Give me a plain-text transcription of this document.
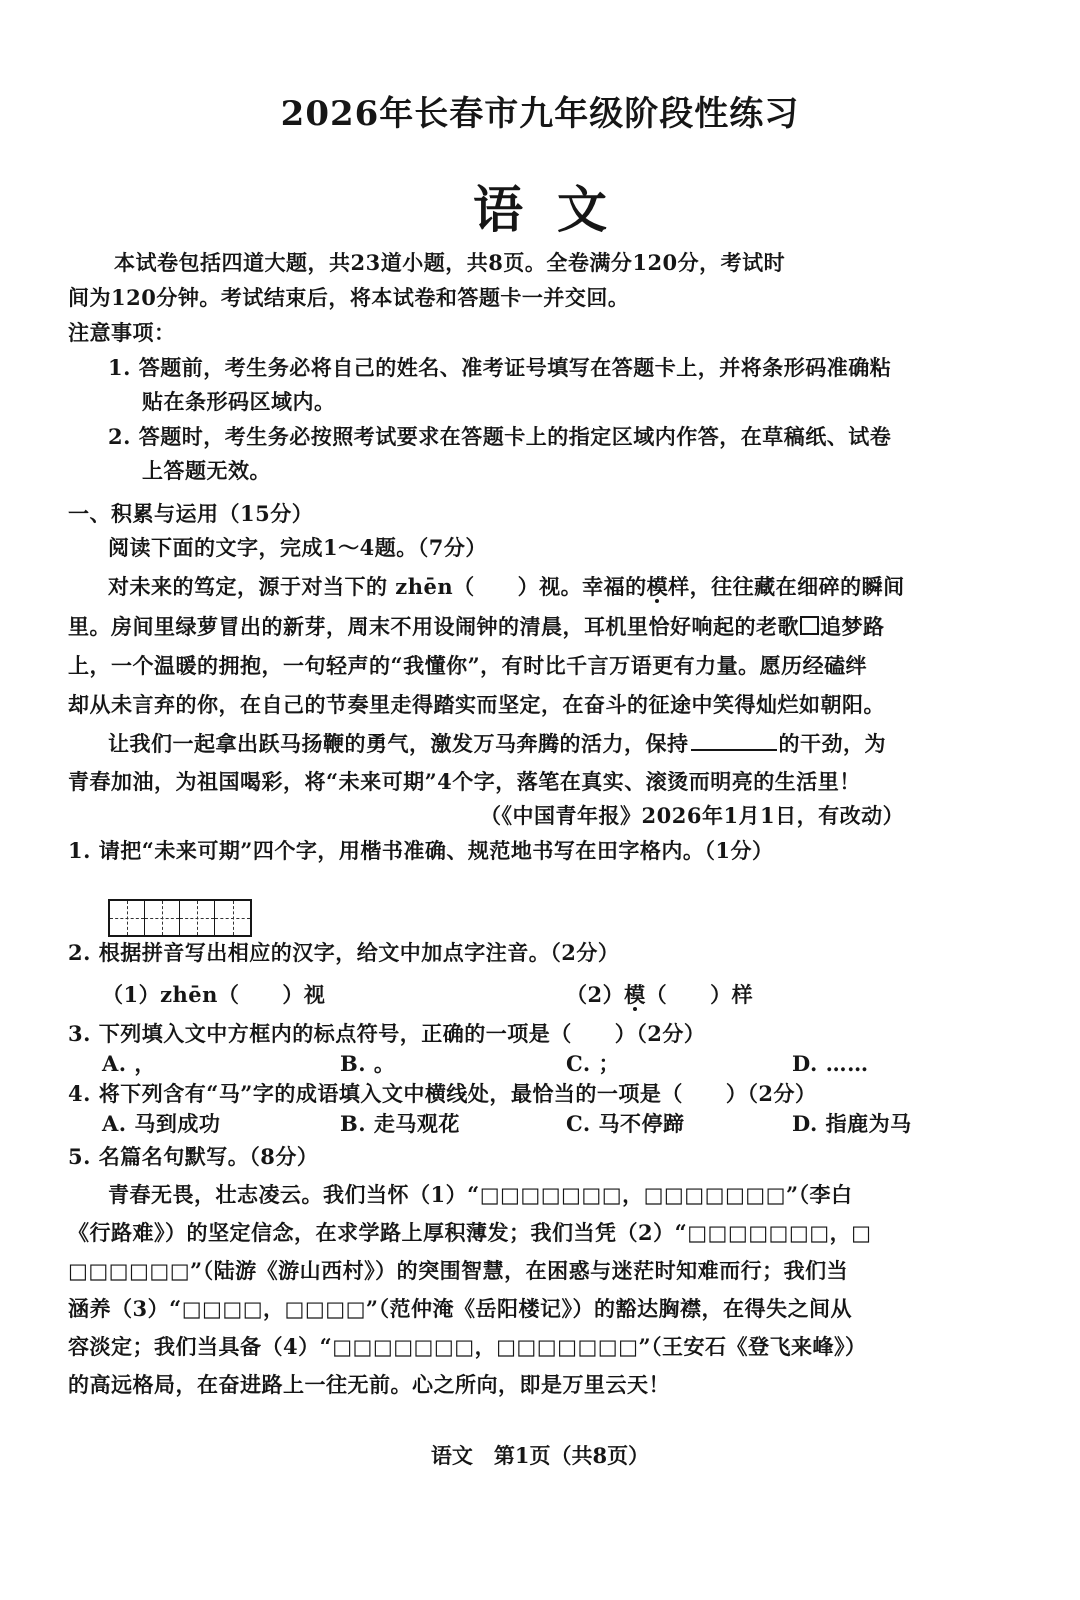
2026年长春市九年级阶段性练习
语文
本试卷包括四道大题，共23道小题，共8页。全卷满分120分，考试时
间为120分钟。考试结束后，将本试卷和答题卡一并交回。
注意事项：
1. 答题前，考生务必将自己的姓名、准考证号填写在答题卡上，并将条形码准确粘
贴在条形码区域内。
2. 答题时，考生务必按照考试要求在答题卡上的指定区域内作答，在草稿纸、试卷
上答题无效。
一、积累与运用（15分）
阅读下面的文字，完成1～4题。（7分）
对未来的笃定，源于对当下的 zhēn（　　）视。幸福的模样，往往藏在细碎的瞬间
里。房间里绿萝冒出的新芽，周末不用设闹钟的清晨，耳机里恰好响起的老歌 追梦路
上，一个温暖的拥抱，一句轻声的“我懂你”，有时比千言万语更有力量。愿历经磕绊
却从未言弃的你，在自己的节奏里走得踏实而坚定，在奋斗的征途中笑得灿烂如朝阳。
让我们一起拿出跃马扬鞭的勇气，激发万马奔腾的活力，保持	的干劲，为
青春加油，为祖国喝彩，将“未来可期”4个字，落笔在真实、滚烫而明亮的生活里！
（《中国青年报》2026年1月1日，有改动）
1. 请把“未来可期”四个字，用楷书准确、规范地书写在田字格内。（1分）
2. 根据拼音写出相应的汉字，给文中加点字注音。（2分）
（1）zhēn（　　）视	（2）模（　　）样
3. 下列填入文中方框内的标点符号，正确的一项是（　　）（2分）
A. ，	B. 。	C. ；	D. ……
4. 将下列含有“马”字的成语填入文中横线处，最恰当的一项是（　　）（2分）
A. 马到成功	B. 走马观花	C. 马不停蹄	D. 指鹿为马
5. 名篇名句默写。（8分）
青春无畏，壮志凌云。我们当怀（1）“□□□□□□□，□□□□□□□”（李白
《行路难》）的坚定信念，在求学路上厚积薄发；我们当凭（2）“□□□□□□□，□
□□□□□□”（陆游《游山西村》）的突围智慧，在困惑与迷茫时知难而行；我们当
涵养（3）“□□□□，□□□□”（范仲淹《岳阳楼记》）的豁达胸襟，在得失之间从
容淡定；我们当具备（4）“□□□□□□□，□□□□□□□”（王安石《登飞来峰》）
的高远格局，在奋进路上一往无前。心之所向，即是万里云天！
语文　第1页（共8页）
